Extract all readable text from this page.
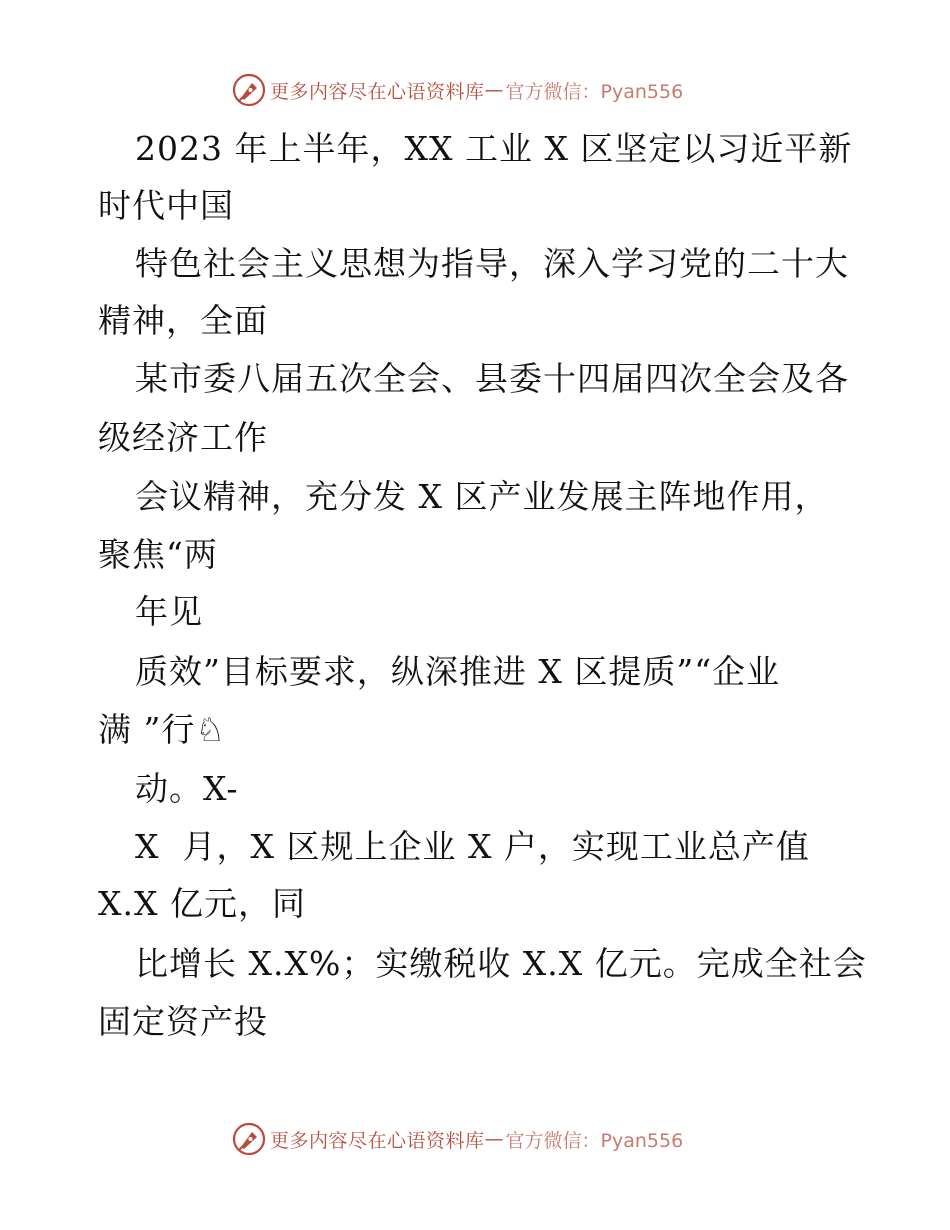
更多内容尽在心语资料库 — 官方微信：Pyan556
2023 年上半年，XX 工业 X 区坚定以习近平新
时代中国
特色社会主义思想为指导，深入学习党的二十大
精神，全面
某市委八届五次全会、县委十四届四次全会及各
级经济工作
会议精神，充分发 X 区产业发展主阵地作用，
聚焦“两
年见
质效”目标要求，纵深推进 X 区提质”“企业
满 ”行♘
动。X-
X  月，X 区规上企业 X 户，实现工业总产值
X.X 亿元，同
比增长 X.X%；实缴税收 X.X 亿元。完成全社会
固定资产投
更多内容尽在心语资料库 — 官方微信：Pyan556
